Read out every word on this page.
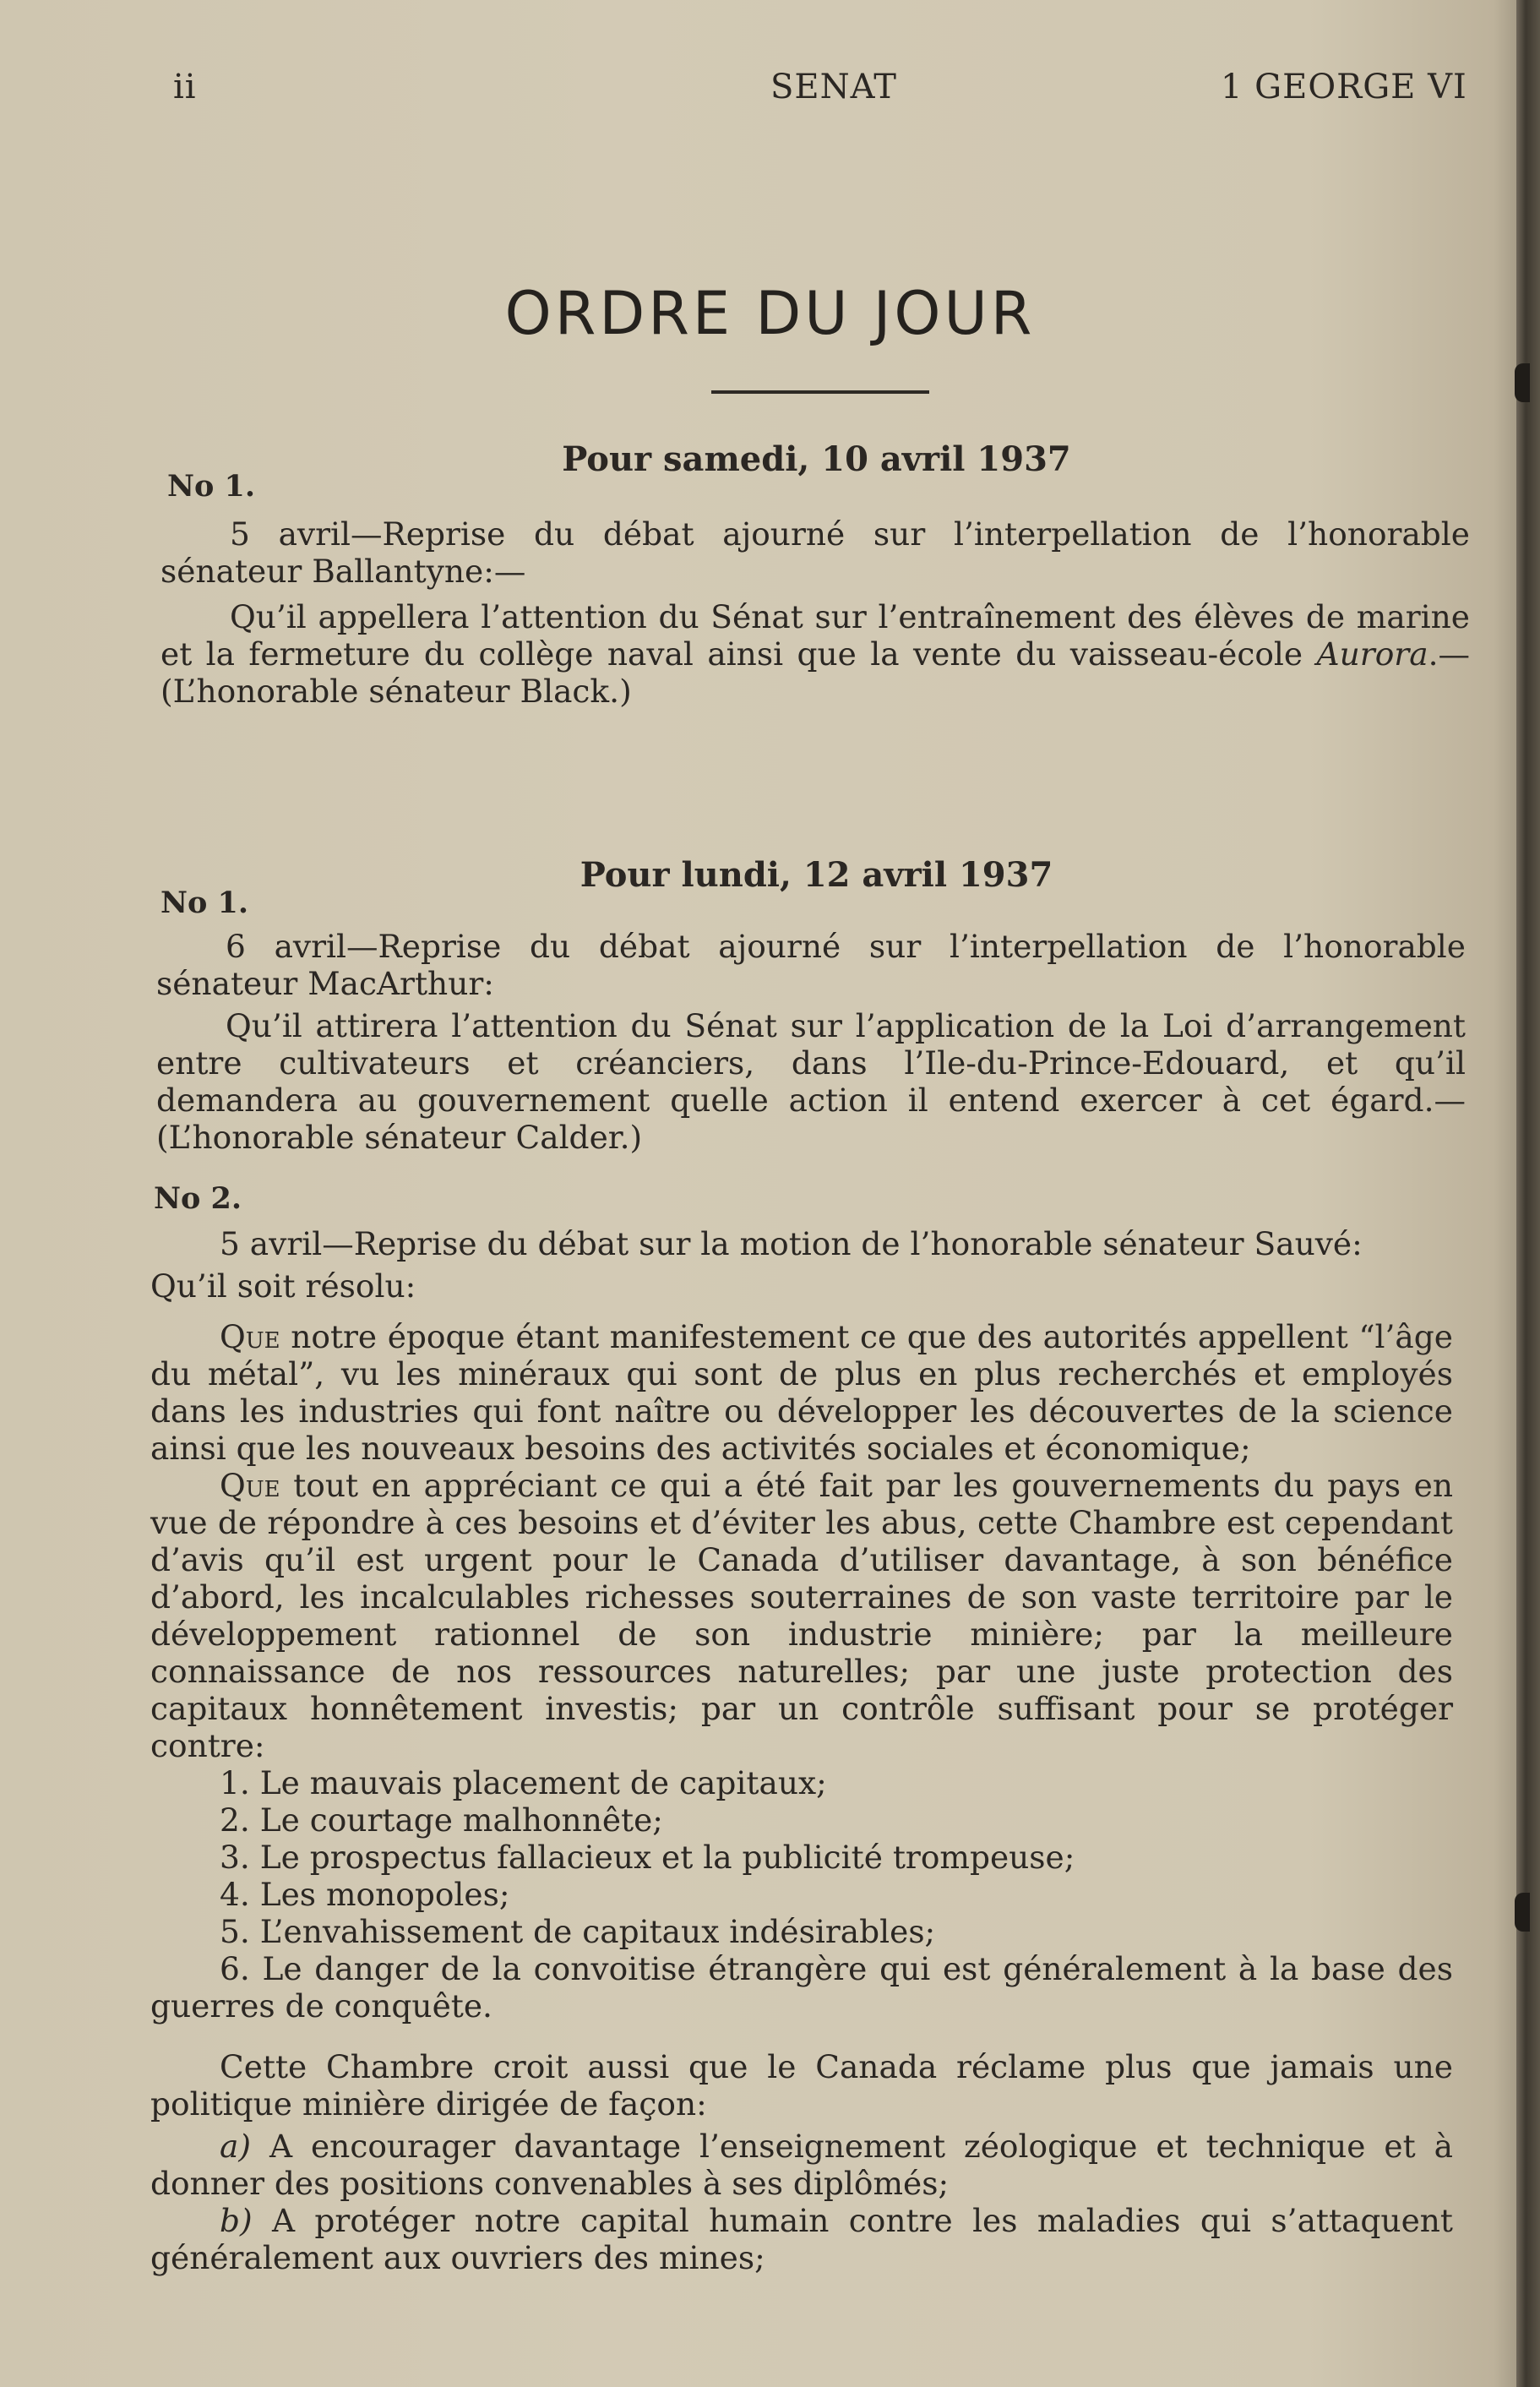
ii	SENAT	1 GEORGE VI
ORDRE DU JOUR
Pour samedi, 10 avril 1937
No 1.

5 avril—Reprise du débat ajourné sur l’interpellation de l’honorable sénateur Ballantyne:—

Qu’il appellera l’attention du Sénat sur l’entraînement des élèves de marine et la fermeture du collège naval ainsi que la vente du vaisseau-école Aurora.—(L’honorable sénateur Black.)

Pour lundi, 12 avril 1937
No 1.

6 avril—Reprise du débat ajourné sur l’interpellation de l’honorable sénateur MacArthur:

Qu’il attirera l’attention du Sénat sur l’application de la Loi d’arrangement entre cultivateurs et créanciers, dans l’Ile-du-Prince-Edouard, et qu’il demandera au gouvernement quelle action il entend exercer à cet égard.—(L’honorable sénateur Calder.)

No 2.

5 avril—Reprise du débat sur la motion de l’honorable sénateur Sauvé:

Qu’il soit résolu:

Que notre époque étant manifestement ce que des autorités appellent “l’âge du métal”, vu les minéraux qui sont de plus en plus recherchés et employés dans les industries qui font naître ou développer les découvertes de la science ainsi que les nouveaux besoins des activités sociales et économique;

Que tout en appréciant ce qui a été fait par les gouvernements du pays en vue de répondre à ces besoins et d’éviter les abus, cette Chambre est cependant d’avis qu’il est urgent pour le Canada d’utiliser davantage, à son bénéfice d’abord, les incalculables richesses souterraines de son vaste territoire par le développement rationnel de son industrie minière; par la meilleure connaissance de nos ressources naturelles; par une juste protection des capitaux honnêtement investis; par un contrôle suffisant pour se protéger contre:

1. Le mauvais placement de capitaux;

2. Le courtage malhonnête;

3. Le prospectus fallacieux et la publicité trompeuse;

4. Les monopoles;

5. L’envahissement de capitaux indésirables;

6. Le danger de la convoitise étrangère qui est généralement à la base des guerres de conquête.

Cette Chambre croit aussi que le Canada réclame plus que jamais une politique minière dirigée de façon:

a) A encourager davantage l’enseignement zéologique et technique et à donner des positions convenables à ses diplômés;

b) A protéger notre capital humain contre les maladies qui s’attaquent généralement aux ouvriers des mines;
